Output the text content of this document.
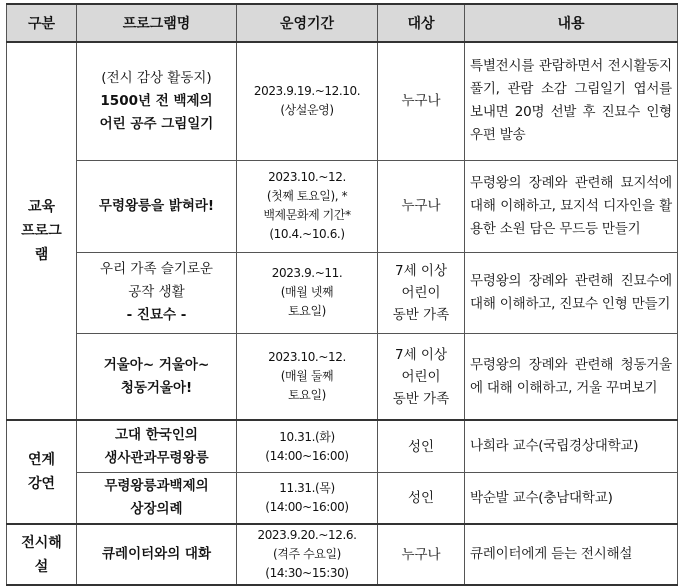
구분	프로그램명	운영기간	대상	내용

교육
프로그
램	(전시 감상 활동지)
1500년 전 백제의
어린 공주 그림일기	2023.9.19.~12.10.
(상설운영)	누구나	특별전시를 관람하면서 전시활동지 풀기, 관람 소감 그림일기 엽서를 보내면 20명 선발 후 진묘수 인형 우편 발송

	무령왕릉을 밝혀라!	2023.10.~12.
(첫째 토요일), *
백제문화제 기간*
(10.4.~10.6.)	누구나	무령왕의 장례와 관련해 묘지석에 대해 이해하고, 묘지석 디자인을 활용한 소원 담은 무드등 만들기

	우리 가족 슬기로운
공작 생활
- 진묘수 -	2023.9.~11.
(매월 넷째
토요일)	7세 이상
어린이
동반 가족	무령왕의 장례와 관련해 진묘수에 대해 이해하고, 진묘수 인형 만들기

	거울아~ 거울아~
청동거울아!	2023.10.~12.
(매월 둘째
토요일)	7세 이상
어린이
동반 가족	무령왕의 장례와 관련해 청동거울에 대해 이해하고, 거울 꾸며보기

연계
강연	고대 한국인의
생사관과무령왕릉	10.31.(화)
(14:00~16:00)	성인	나희라 교수(국립경상대학교)

	무령왕릉과백제의
상장의례	11.31.(목)
(14:00~16:00)	성인	박순발 교수(충남대학교)

전시해
설	큐레이터와의 대화	2023.9.20.~12.6.
(격주 수요일)
(14:30~15:30)	누구나	큐레이터에게 듣는 전시해설
